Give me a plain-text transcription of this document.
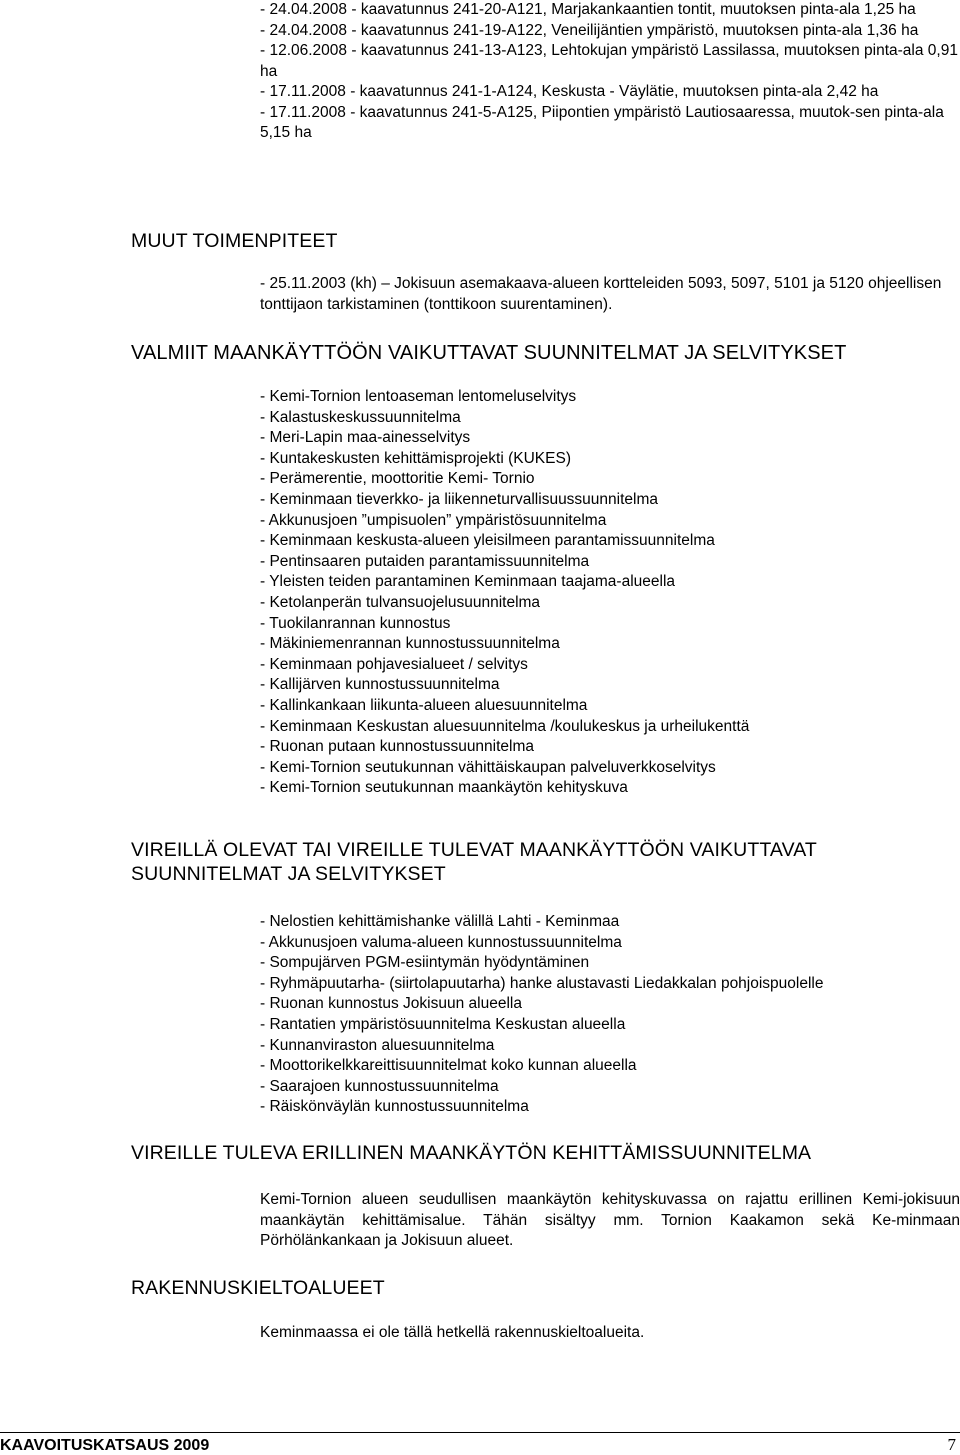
- 24.04.2008 - kaavatunnus 241-20-A121, Marjakankaantien tontit, muutoksen pinta-ala 1,25 ha

- 24.04.2008 - kaavatunnus 241-19-A122, Veneilijäntien ympäristö, muutoksen pinta-ala 1,36 ha

- 12.06.2008 - kaavatunnus 241-13-A123, Lehtokujan ympäristö Lassilassa, muutoksen pinta-ala 0,91 ha

- 17.11.2008 - kaavatunnus 241-1-A124, Keskusta - Väylätie, muutoksen pinta-ala 2,42 ha

- 17.11.2008 - kaavatunnus 241-5-A125, Piipontien ympäristö Lautiosaaressa, muutok-sen pinta-ala 5,15 ha

MUUT TOIMENPITEET

- 25.11.2003 (kh) – Jokisuun asemakaava-alueen kortteleiden 5093, 5097, 5101 ja 5120 ohjeellisen tonttijaon tarkistaminen (tonttikoon suurentaminen).

VALMIIT MAANKÄYTTÖÖN VAIKUTTAVAT SUUNNITELMAT JA SELVITYKSET
- Kemi-Tornion lentoaseman lentomeluselvitys
- Kalastuskeskussuunnitelma
- Meri-Lapin maa-ainesselvitys
- Kuntakeskusten kehittämisprojekti (KUKES)
- Perämerentie, moottoritie Kemi- Tornio
- Keminmaan tieverkko- ja liikenneturvallisuussuunnitelma
- Akkunusjoen ”umpisuolen” ympäristösuunnitelma
- Keminmaan keskusta-alueen yleisilmeen parantamissuunnitelma
- Pentinsaaren putaiden parantamissuunnitelma
- Yleisten teiden parantaminen Keminmaan taajama-alueella
- Ketolanperän tulvansuojelusuunnitelma
- Tuokilanrannan kunnostus
- Mäkiniemenrannan kunnostussuunnitelma
- Keminmaan pohjavesialueet / selvitys
- Kallijärven kunnostussuunnitelma
- Kallinkankaan liikunta-alueen aluesuunnitelma
- Keminmaan Keskustan aluesuunnitelma /koulukeskus ja urheilukenttä
- Ruonan putaan kunnostussuunnitelma
- Kemi-Tornion seutukunnan vähittäiskaupan palveluverkkoselvitys
- Kemi-Tornion seutukunnan maankäytön kehityskuva
VIREILLÄ OLEVAT TAI VIREILLE TULEVAT MAANKÄYTTÖÖN VAIKUTTAVAT
SUUNNITELMAT JA SELVITYKSET
- Nelostien kehittämishanke välillä Lahti - Keminmaa
- Akkunusjoen valuma-alueen kunnostussuunnitelma
- Sompujärven PGM-esiintymän hyödyntäminen
- Ryhmäpuutarha- (siirtolapuutarha) hanke alustavasti Liedakkalan pohjoispuolelle
- Ruonan kunnostus Jokisuun alueella
- Rantatien ympäristösuunnitelma Keskustan alueella
- Kunnanviraston aluesuunnitelma
- Moottorikelkkareittisuunnitelmat koko kunnan alueella
- Saarajoen kunnostussuunnitelma
- Räiskönväylän kunnostussuunnitelma
VIREILLE TULEVA ERILLINEN MAANKÄYTÖN KEHITTÄMISSUUNNITELMA

Kemi-Tornion alueen seudullisen maankäytön kehityskuvassa on rajattu erillinen Kemi-jokisuun maankäytän kehittämisalue. Tähän sisältyy mm. Tornion Kaakamon sekä Ke-minmaan Pörhölänkankaan ja Jokisuun alueet.

RAKENNUSKIELTOALUEET

Keminmaassa ei ole tällä hetkellä rakennuskieltoalueita.

KAAVOITUSKATSAUS 2009	7
